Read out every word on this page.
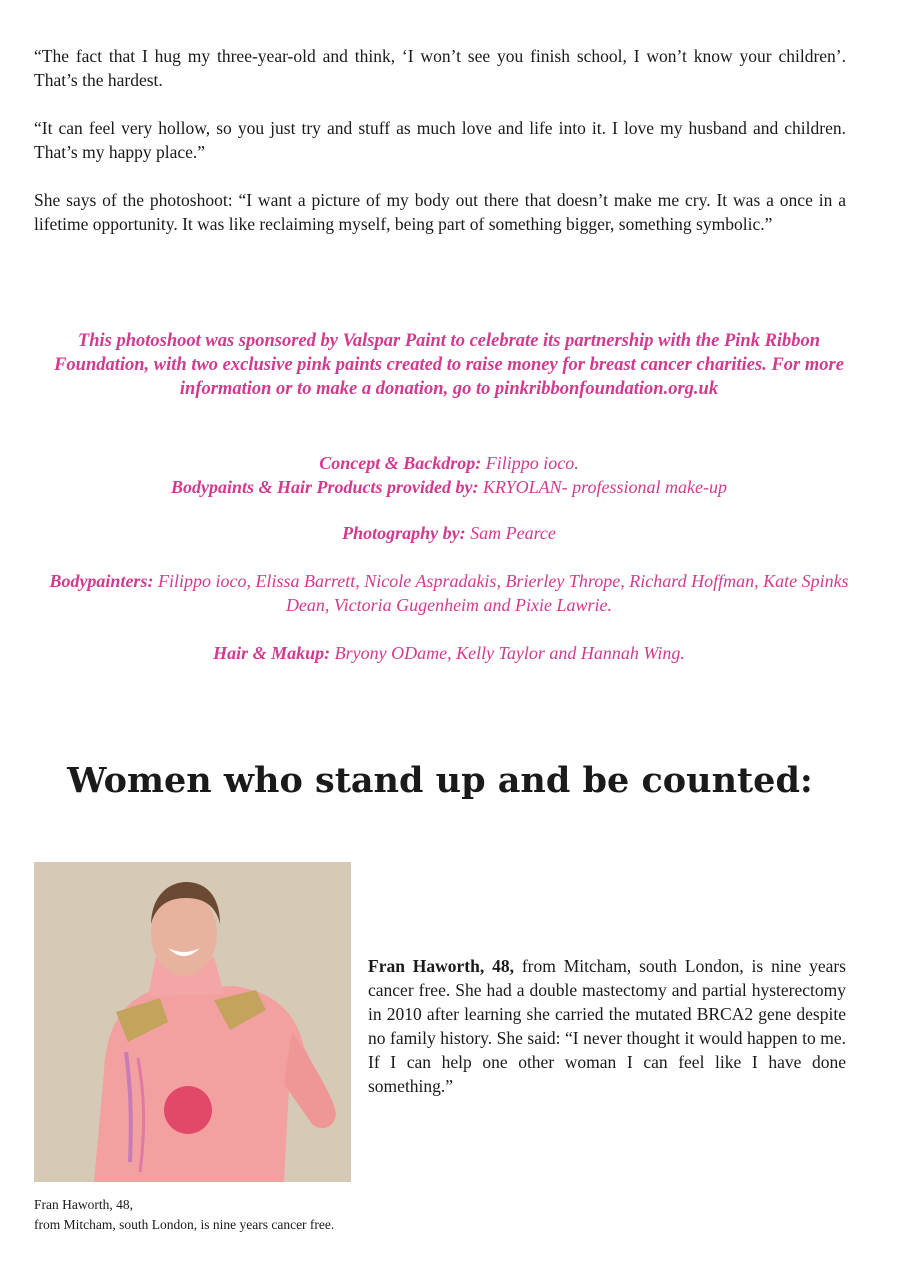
“The fact that I hug my three-year-old and think, ‘I won’t see you finish school, I won’t know your children’. That’s the hardest.

“It can feel very hollow, so you just try and stuff as much love and life into it. I love my husband and children. That’s my happy place.”

She says of the photoshoot: “I want a picture of my body out there that doesn’t make me cry. It was a once in a lifetime opportunity. It was like reclaiming myself, being part of something bigger, something symbolic.”

This photoshoot was sponsored by Valspar Paint to celebrate its partnership with the Pink Ribbon Foundation, with two exclusive pink paints created to raise money for breast cancer charities. For more information or to make a donation, go to pinkribbonfoundation.org.uk
Concept & Backdrop: Filippo ioco.
Bodypaints & Hair Products provided by: KRYOLAN- professional make-up
Photography by: Sam Pearce
Bodypainters: Filippo ioco, Elissa Barrett, Nicole Aspradakis, Brierley Thrope, Richard Hoffman, Kate Spinks Dean, Victoria Gugenheim and Pixie Lawrie.
Hair & Makup: Bryony ODame, Kelly Taylor and Hannah Wing.
Women who stand up and be counted:

Fran Haworth, 48, from Mitcham, south London, is nine years cancer free. She had a double mastectomy and partial hysterectomy in 2010 after learning she carried the mutated BRCA2 gene despite no family history. She said: “I never thought it would happen to me. If I can help one other woman I can feel like I have done something.”

Fran Haworth, 48,
from Mitcham, south London, is nine years cancer free.
